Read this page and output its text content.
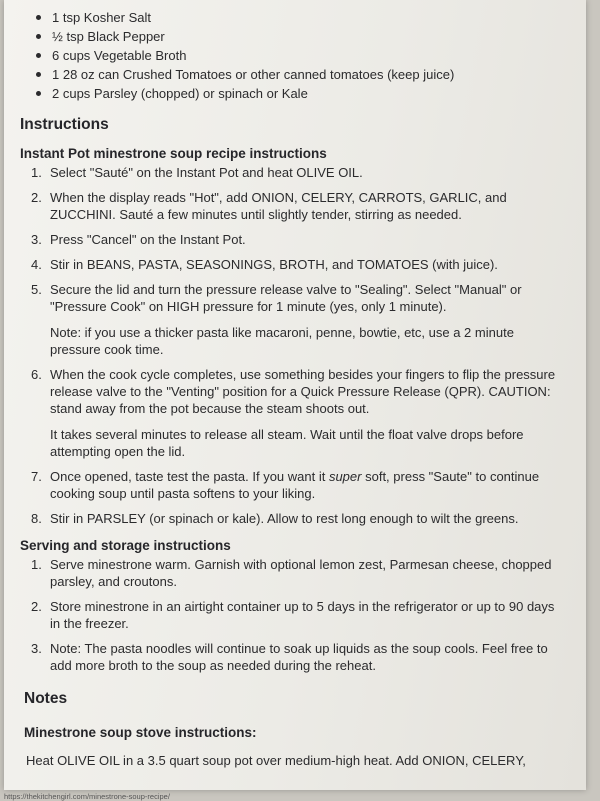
1 tsp Kosher Salt
½ tsp Black Pepper
6 cups Vegetable Broth
1 28 oz can Crushed Tomatoes or other canned tomatoes (keep juice)
2 cups Parsley (chopped) or spinach or Kale
Instructions
Instant Pot minestrone soup recipe instructions
1. Select "Sauté" on the Instant Pot and heat OLIVE OIL.

2. When the display reads "Hot", add ONION, CELERY, CARROTS, GARLIC, and ZUCCHINI. Sauté a few minutes until slightly tender, stirring as needed.

3. Press "Cancel" on the Instant Pot.

4. Stir in BEANS, PASTA, SEASONINGS, BROTH, and TOMATOES (with juice).

5. Secure the lid and turn the pressure release valve to "Sealing". Select "Manual" or "Pressure Cook" on HIGH pressure for 1 minute (yes, only 1 minute).

Note: if you use a thicker pasta like macaroni, penne, bowtie, etc, use a 2 minute pressure cook time.

6. When the cook cycle completes, use something besides your fingers to flip the pressure release valve to the "Venting" position for a Quick Pressure Release (QPR). CAUTION: stand away from the pot because the steam shoots out.

It takes several minutes to release all steam. Wait until the float valve drops before attempting open the lid.

7. Once opened, taste test the pasta. If you want it super soft, press "Saute" to continue cooking soup until pasta softens to your liking.

8. Stir in PARSLEY (or spinach or kale). Allow to rest long enough to wilt the greens.

Serving and storage instructions
1. Serve minestrone warm. Garnish with optional lemon zest, Parmesan cheese, chopped parsley, and croutons.

2. Store minestrone in an airtight container up to 5 days in the refrigerator or up to 90 days in the freezer.

3. Note: The pasta noodles will continue to soak up liquids as the soup cools. Feel free to add more broth to the soup as needed during the reheat.

Notes
Minestrone soup stove instructions:
Heat OLIVE OIL in a 3.5 quart soup pot over medium-high heat. Add ONION, CELERY,
https://thekitchengirl.com/minestrone-soup-recipe/
